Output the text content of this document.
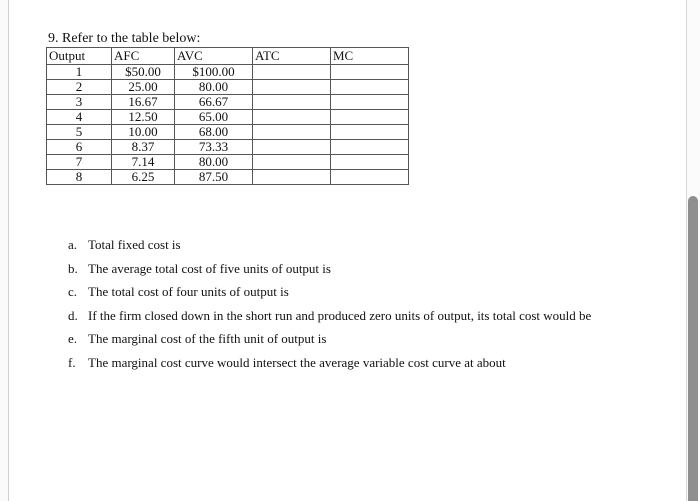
9. Refer to the table below:
Output	AFC	AVC	ATC	MC
1	$50.00	$100.00		
2	25.00	80.00		
3	16.67	66.67		
4	12.50	65.00		
5	10.00	68.00		
6	8.37	73.33		
7	7.14	80.00		
8	6.25	87.50		
a. Total fixed cost is
b. The average total cost of five units of output is
c. The total cost of four units of output is
d. If the firm closed down in the short run and produced zero units of output, its total cost would be
e. The marginal cost of the fifth unit of output is
f. The marginal cost curve would intersect the average variable cost curve at about
